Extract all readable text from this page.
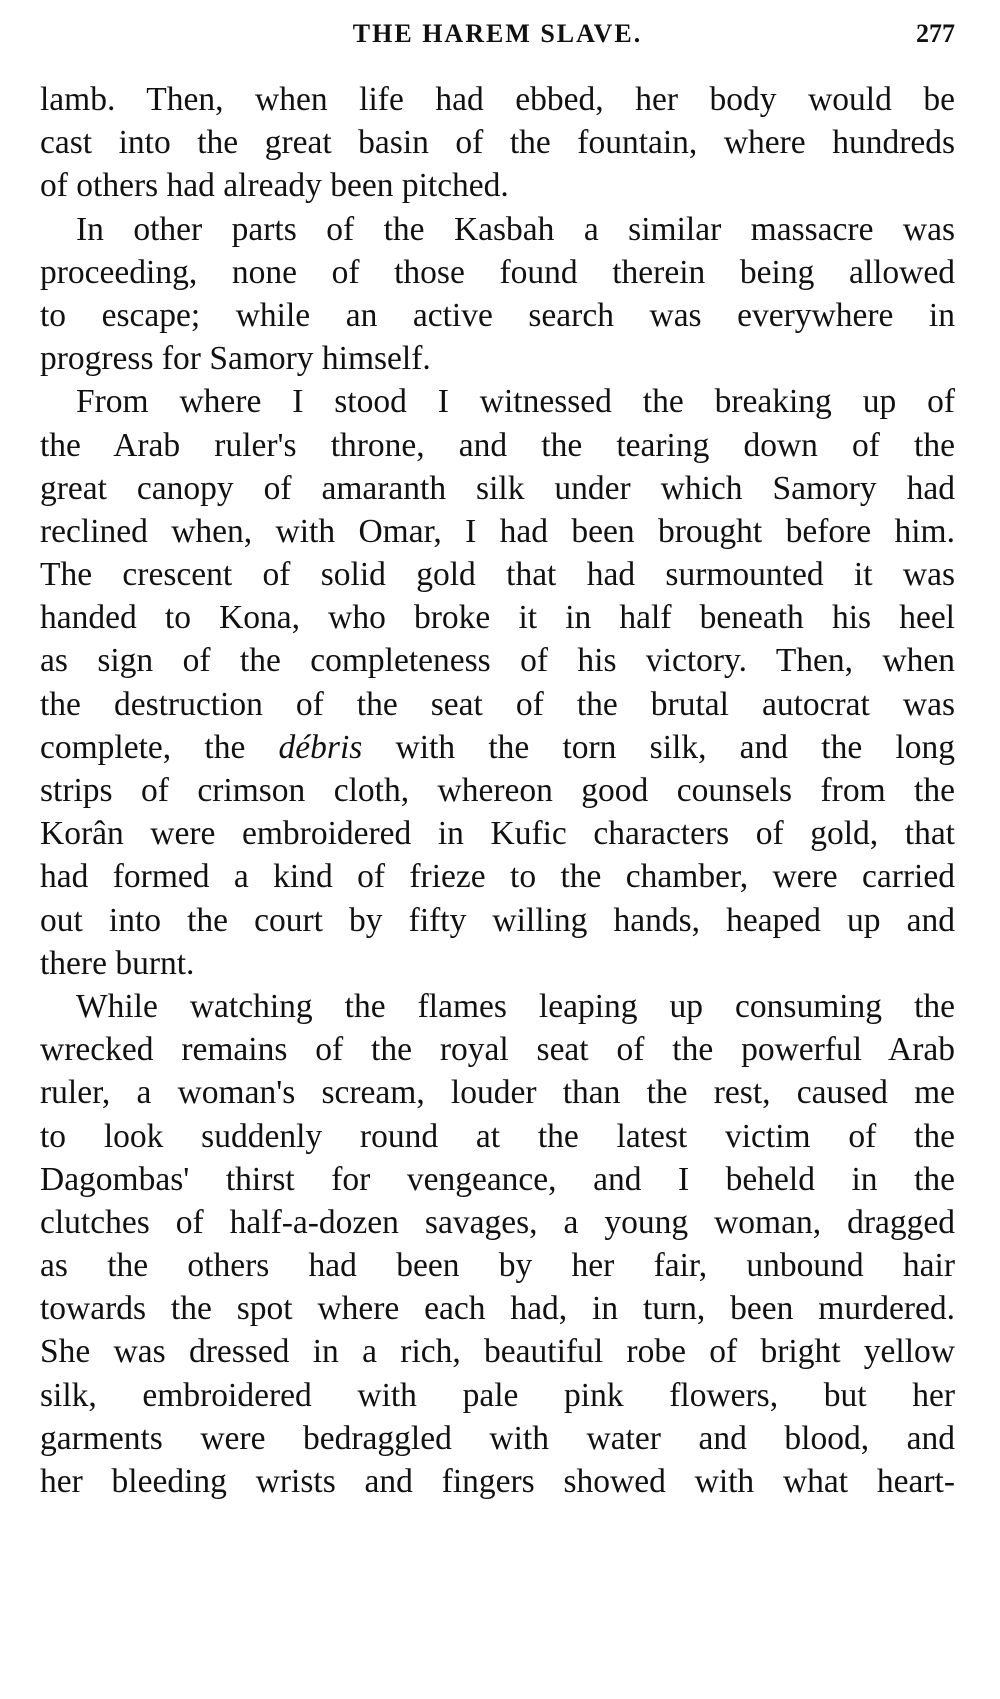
THE HAREM SLAVE.	277
lamb. Then, when life had ebbed, her body would be
cast into the great basin of the fountain, where hundreds
of others had already been pitched.
In other parts of the Kasbah a similar massacre was
proceeding, none of those found therein being allowed
to escape; while an active search was everywhere in
progress for Samory himself.
From where I stood I witnessed the breaking up of
the Arab ruler's throne, and the tearing down of the
great canopy of amaranth silk under which Samory had
reclined when, with Omar, I had been brought before him.
The crescent of solid gold that had surmounted it was
handed to Kona, who broke it in half beneath his heel
as sign of the completeness of his victory. Then, when
the destruction of the seat of the brutal autocrat was
complete, the débris with the torn silk, and the long
strips of crimson cloth, whereon good counsels from the
Korân were embroidered in Kufic characters of gold, that
had formed a kind of frieze to the chamber, were carried
out into the court by fifty willing hands, heaped up and
there burnt.
While watching the flames leaping up consuming the
wrecked remains of the royal seat of the powerful Arab
ruler, a woman's scream, louder than the rest, caused me
to look suddenly round at the latest victim of the
Dagombas' thirst for vengeance, and I beheld in the
clutches of half-a-dozen savages, a young woman, dragged
as the others had been by her fair, unbound hair
towards the spot where each had, in turn, been murdered.
She was dressed in a rich, beautiful robe of bright yellow
silk, embroidered with pale pink flowers, but her
garments were bedraggled with water and blood, and
her bleeding wrists and fingers showed with what heart-
